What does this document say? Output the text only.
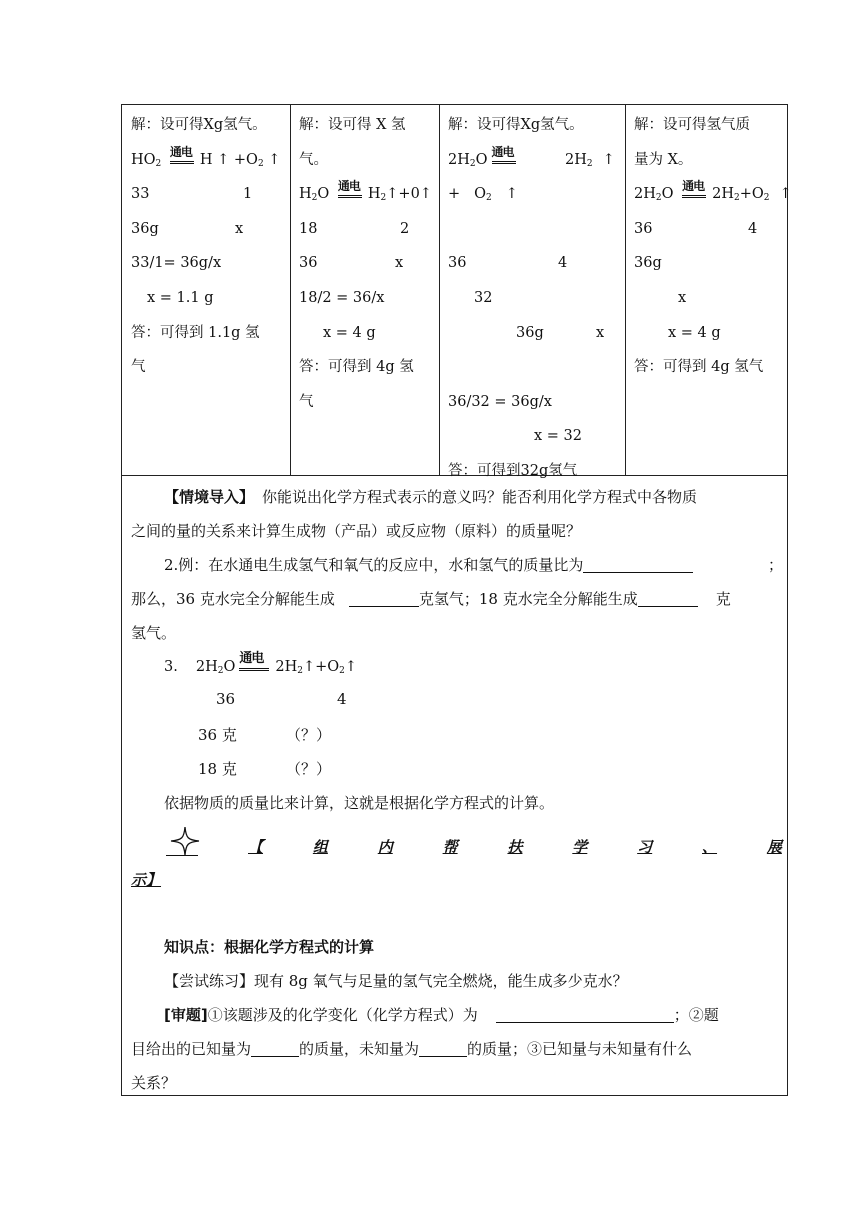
解：设可得Xg氢气。
$HO_2$
通电 H ↑ $+O_2$ ↑
33	1
36g	x
33/1= 36g/x
x = 1.1 g
答：可得到 1.1g 氢
气
解：设可得 X 氢
气。
$H_2O$ 通电 $H_2↑+0↑$
18	2
36	x
18/2 = 36/x
x = 4 g
答：可得到 4g 氢
气
解：设可得Xg氢气。
$2H_2O$ 通电	$2H_2$ ↑
+ $O_2$ ↑
36	4
32
36g	x
36/32 = 36g/x
x = 32
答：可得到32g氢气
解：设可得氢气质
量为 X。
$2H_2O$ 通电 $2H_2+O_2$ ↑
36	4
36g
x
x = 4 g
答：可得到 4g 氢气
【情境导入】 你能说出化学方程式表示的意义吗？能否利用化学方程式中各物质
之间的量的关系来计算生成物（产品）或反应物（原料）的质量呢？
2.例：在水通电生成氢气和氧气的反应中，水和氢气的质量比为	；
那么，36 克水完全分解能生成	克氢气；18 克水完全分解能生成	克
氢气。
3. $2H_2O$
通电
$2H_2↑+O_2↑$
36	4
36 克	（？）
18 克	（？）
依据物质的质量比来计算，这就是根据化学方程式的计算。
【	组	内	帮	扶	学	习	、	展
示】
知识点：根据化学方程式的计算
【尝试练习】现有 8g 氧气与足量的氢气完全燃烧，能生成多少克水？
[审题]①该题涉及的化学变化（化学方程式）为	；②题
目给出的已知量为	的质量，未知量为	的质量；③已知量与未知量有什么
关系？
